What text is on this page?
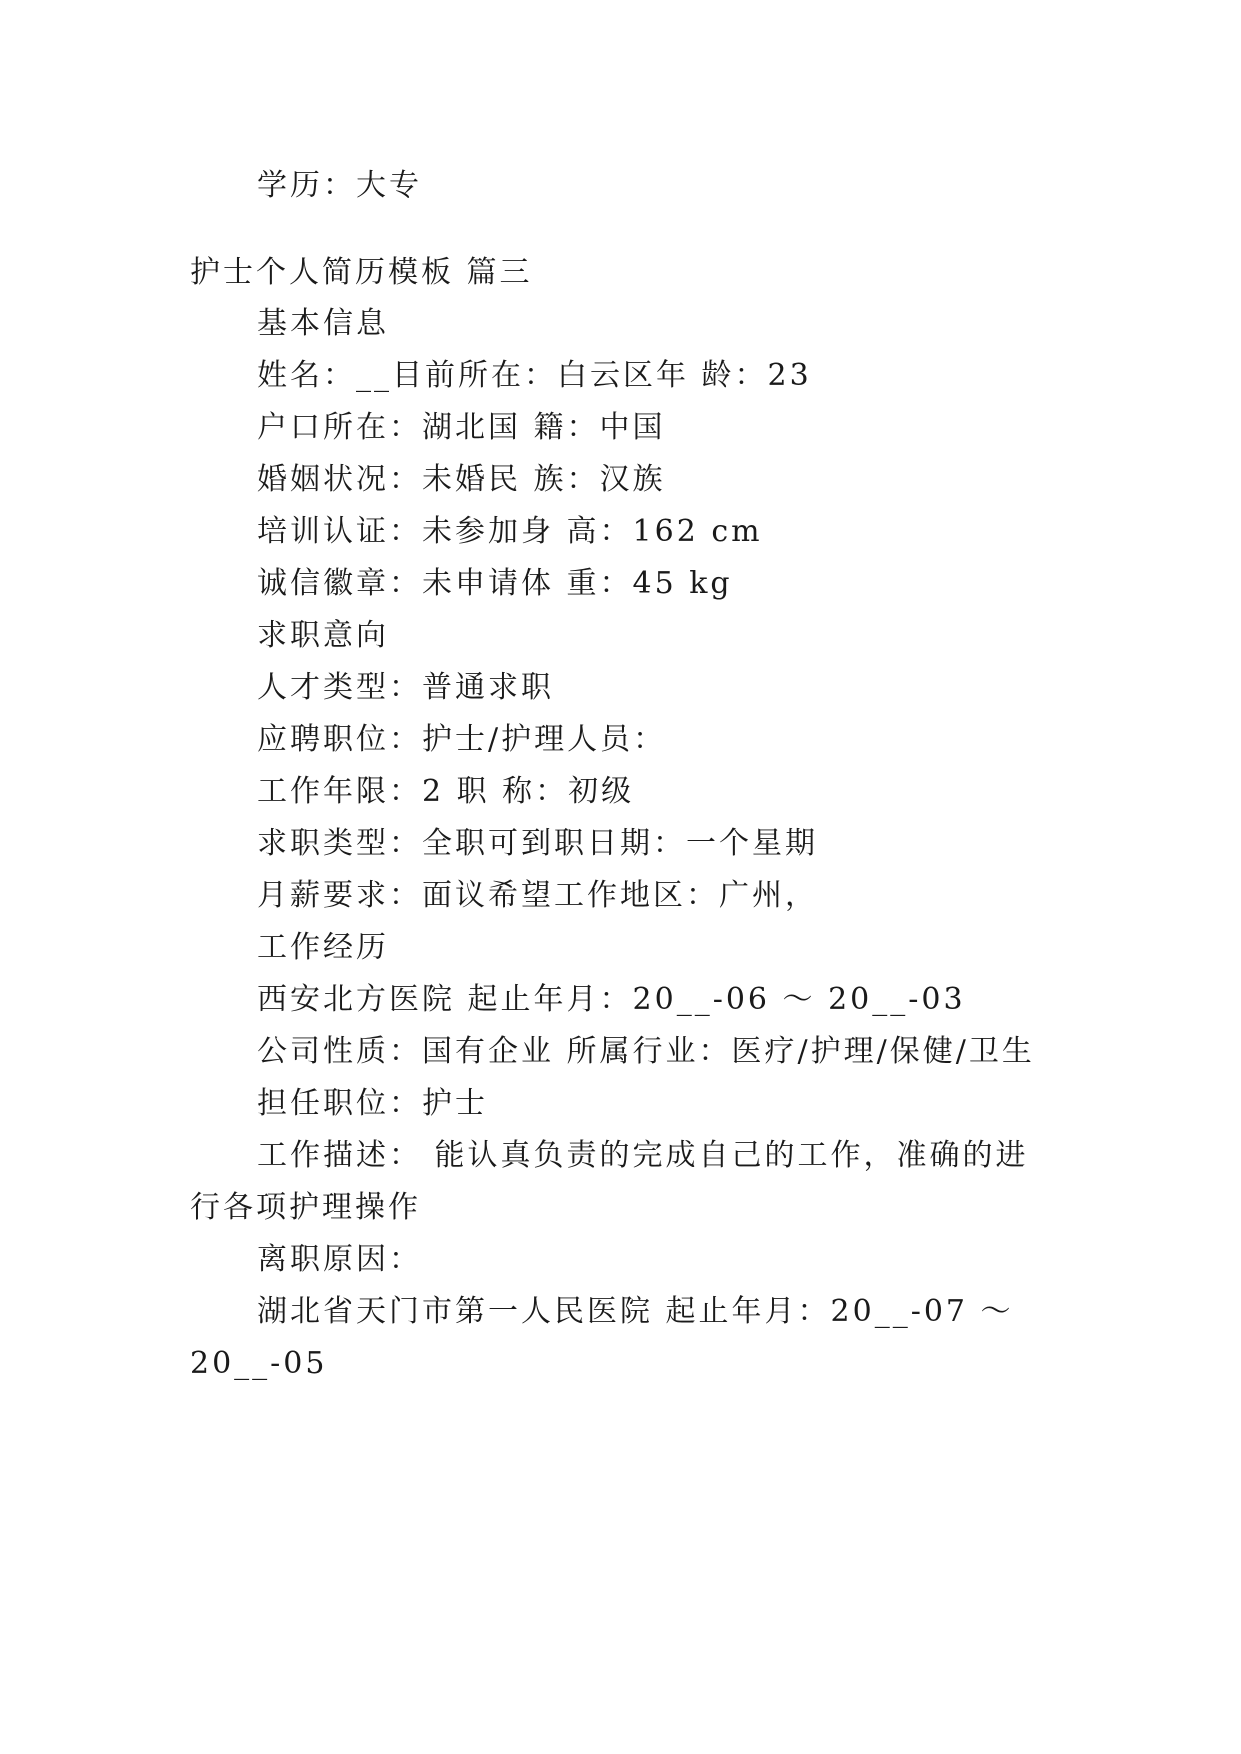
学历：大专
护士个人简历模板 篇三
基本信息
姓名：__目前所在：白云区年 龄：23
户口所在：湖北国 籍：中国
婚姻状况：未婚民 族：汉族
培训认证：未参加身 高：162 cm
诚信徽章：未申请体 重：45 kg
求职意向
人才类型：普通求职
应聘职位：护士/护理人员：
工作年限：2 职 称：初级
求职类型：全职可到职日期：一个星期
月薪要求：面议希望工作地区：广州，
工作经历
西安北方医院 起止年月：20__-06 ～ 20__-03
公司性质：国有企业 所属行业：医疗/护理/保健/卫生
担任职位：护士
工作描述： 能认真负责的完成自己的工作，准确的进
行各项护理操作
离职原因：
湖北省天门市第一人民医院 起止年月：20__-07 ～
20__-05
